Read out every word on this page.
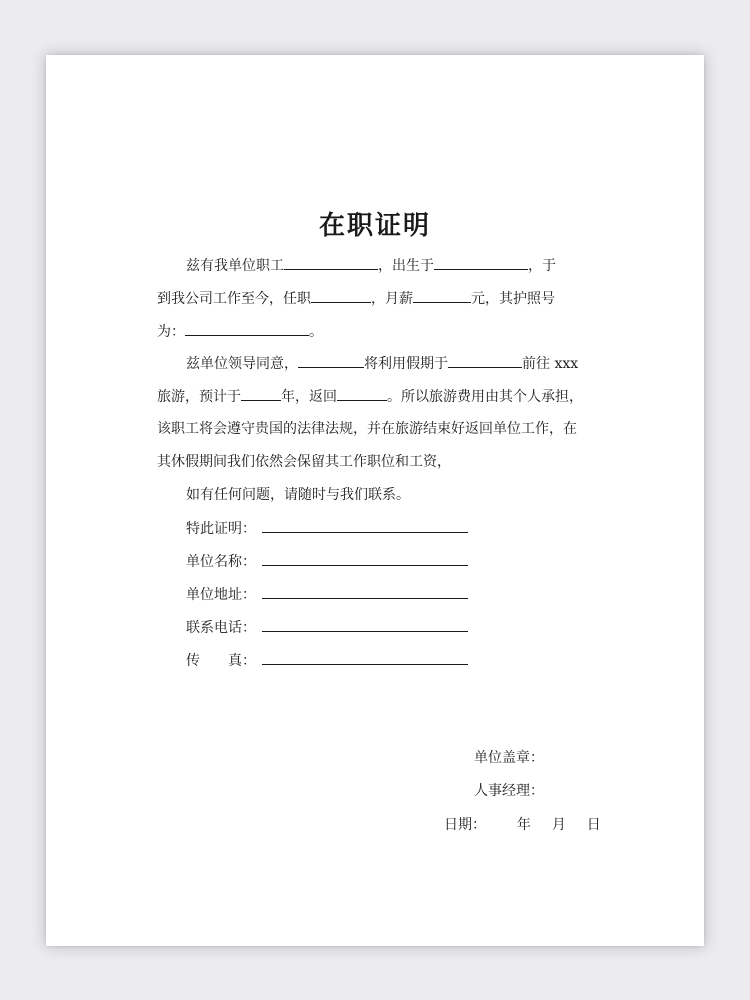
在职证明
兹有我单位职工	，出生于	，于
到我公司工作至今，任职	，月薪	元，其护照号
为：	。
兹单位领导同意，	将利用假期于	前往 xxx
旅游，预计于	年，返回	。所以旅游费用由其个人承担，
该职工将会遵守贵国的法律法规，并在旅游结束好返回单位工作，在
其休假期间我们依然会保留其工作职位和工资，
如有任何问题，请随时与我们联系。
特此证明：
单位名称：
单位地址：
联系电话：
传　　真：
单位盖章：
人事经理：
日期： 年 月 日
